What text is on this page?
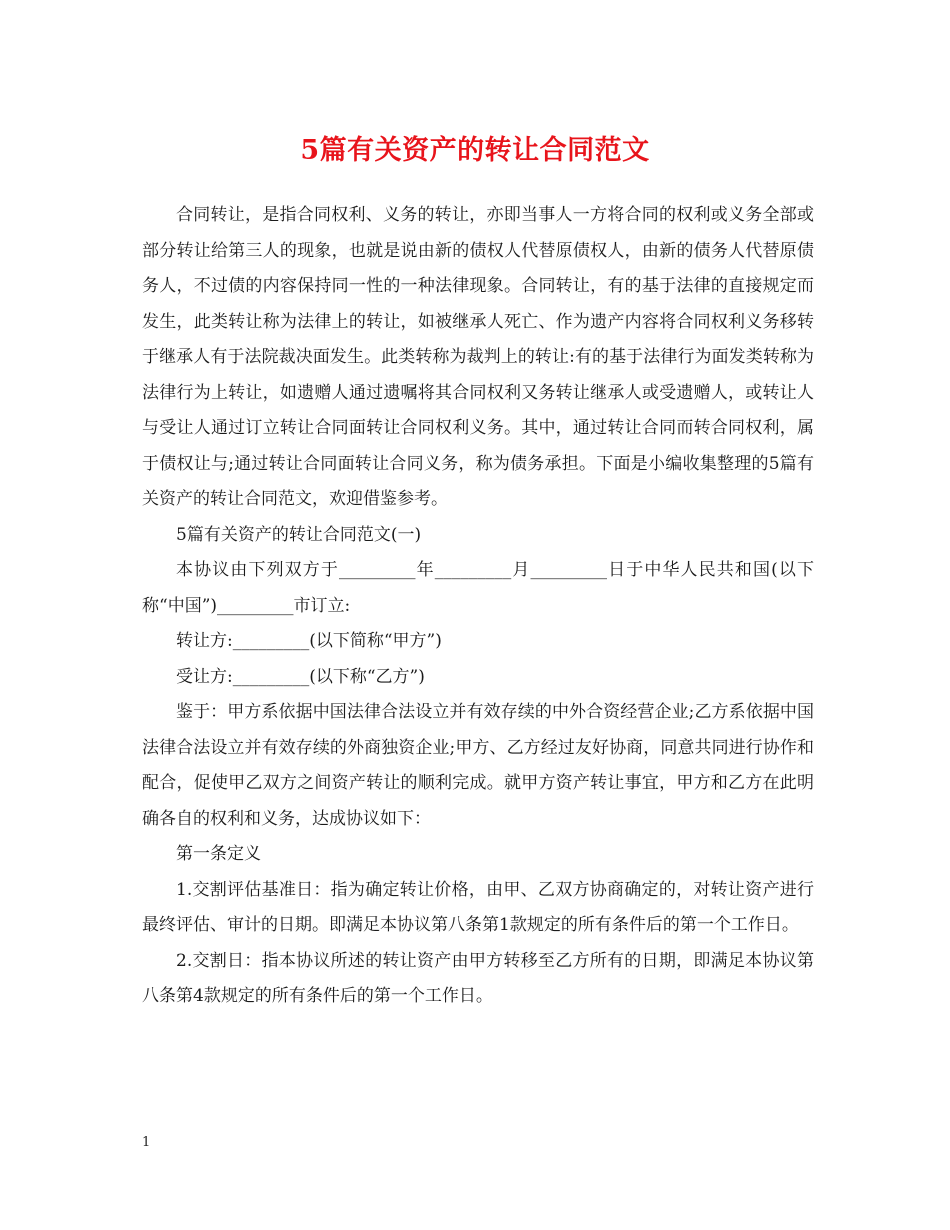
5篇有关资产的转让合同范文

合同转让，是指合同权利、义务的转让，亦即当事人一方将合同的权利或义务全部或部分转让给第三人的现象，也就是说由新的债权人代替原债权人，由新的债务人代替原债务人，不过债的内容保持同一性的一种法律现象。合同转让，有的基于法律的直接规定而发生，此类转让称为法律上的转让，如被继承人死亡、作为遗产内容将合同权利义务移转于继承人有于法院裁决面发生。此类转称为裁判上的转让:有的基于法律行为面发类转称为法律行为上转让，如遗赠人通过遗嘱将其合同权利又务转让继承人或受遗赠人，或转让人与受让人通过订立转让合同面转让合同权利义务。其中，通过转让合同而转合同权利，属于债权让与;通过转让合同面转让合同义务，称为债务承担。下面是小编收集整理的5篇有关资产的转让合同范文，欢迎借鉴参考。

5篇有关资产的转让合同范文(一)

本协议由下列双方于_________年_________月_________日于中华人民共和国(以下称“中国”)_________市订立:

转让方:_________(以下简称“甲方”)

受让方:_________(以下称“乙方”)

鉴于：甲方系依据中国法律合法设立并有效存续的中外合资经营企业;乙方系依据中国法律合法设立并有效存续的外商独资企业;甲方、乙方经过友好协商，同意共同进行协作和配合，促使甲乙双方之间资产转让的顺利完成。就甲方资产转让事宜，甲方和乙方在此明确各自的权利和义务，达成协议如下：

第一条定义

1.交割评估基准日：指为确定转让价格，由甲、乙双方协商确定的，对转让资产进行最终评估、审计的日期。即满足本协议第八条第1款规定的所有条件后的第一个工作日。

2.交割日：指本协议所述的转让资产由甲方转移至乙方所有的日期，即满足本协议第八条第4款规定的所有条件后的第一个工作日。

1
